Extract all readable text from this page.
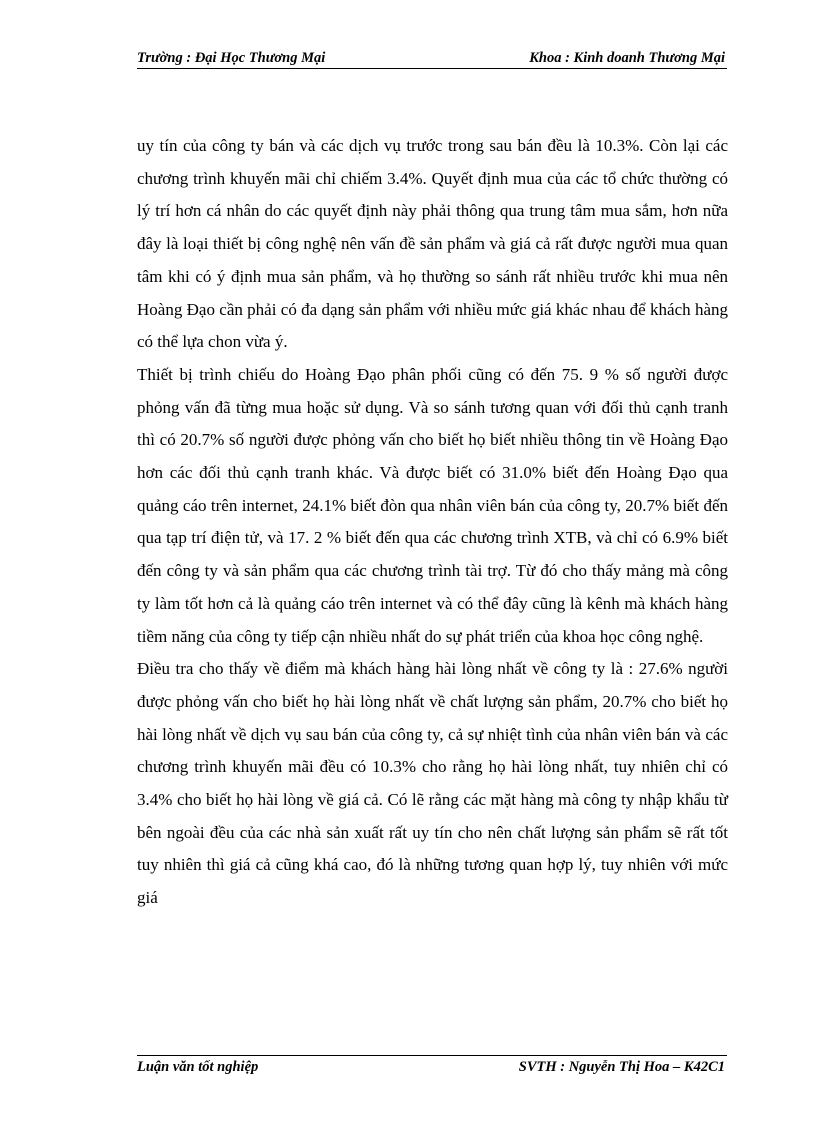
Trường : Đại Học Thương Mại	Khoa : Kinh doanh Thương Mại

uy tín của công ty bán và các dịch vụ trước trong sau bán đều là 10.3%. Còn lại các chương trình khuyến mãi chỉ chiếm 3.4%. Quyết định mua của các tổ chức thường có lý trí hơn cá nhân do các quyết định này phải thông qua trung tâm mua sắm, hơn nữa đây là loại thiết bị công nghệ nên vấn đề sản phẩm và giá cả rất được người mua quan tâm khi có ý định mua sản phẩm, và họ thường so sánh rất nhiều trước khi mua nên Hoàng Đạo cần phải có đa dạng sản phẩm với nhiều mức giá khác nhau để khách hàng có thể lựa chon vừa ý.

Thiết bị trình chiếu do Hoàng Đạo phân phối cũng có đến 75. 9 % số người được phỏng vấn đã từng mua hoặc sử dụng. Và so sánh tương quan với đối thủ cạnh tranh thì có 20.7% số người được phỏng vấn cho biết họ biết nhiều thông tin về Hoàng Đạo hơn các đối thủ cạnh tranh khác. Và được biết có 31.0% biết đến Hoàng Đạo qua quảng cáo trên internet, 24.1% biết đòn qua nhân viên bán của công ty, 20.7% biết đến qua tạp trí điện tử, và 17. 2 % biết đến qua các chương trình XTB, và chỉ có 6.9% biết đến công ty và sản phẩm qua các chương trình tài trợ. Từ đó cho thấy mảng mà công ty làm tốt hơn cả là quảng cáo trên internet và có thể đây cũng là kênh mà khách hàng tiềm năng của công ty tiếp cận nhiều nhất do sự phát triển của khoa học công nghệ.

Điều tra cho thấy về điểm mà khách hàng hài lòng nhất về công ty là : 27.6% người được phỏng vấn cho biết họ hài lòng nhất về chất lượng sản phẩm, 20.7% cho biết họ hài lòng nhất về dịch vụ sau bán của công ty, cả sự nhiệt tình của nhân viên bán và các chương trình khuyến mãi đều có 10.3% cho rằng họ hài lòng nhất, tuy nhiên chỉ có 3.4% cho biết họ hài lòng về giá cả. Có lẽ rằng các mặt hàng mà công ty nhập khẩu từ bên ngoài đều của các nhà sản xuất rất uy tín cho nên chất lượng sản phẩm sẽ rất tốt tuy nhiên thì giá cả cũng khá cao, đó là những tương quan hợp lý, tuy nhiên với mức giá

Luận văn tốt nghiệp	SVTH : Nguyễn Thị Hoa – K42C1
